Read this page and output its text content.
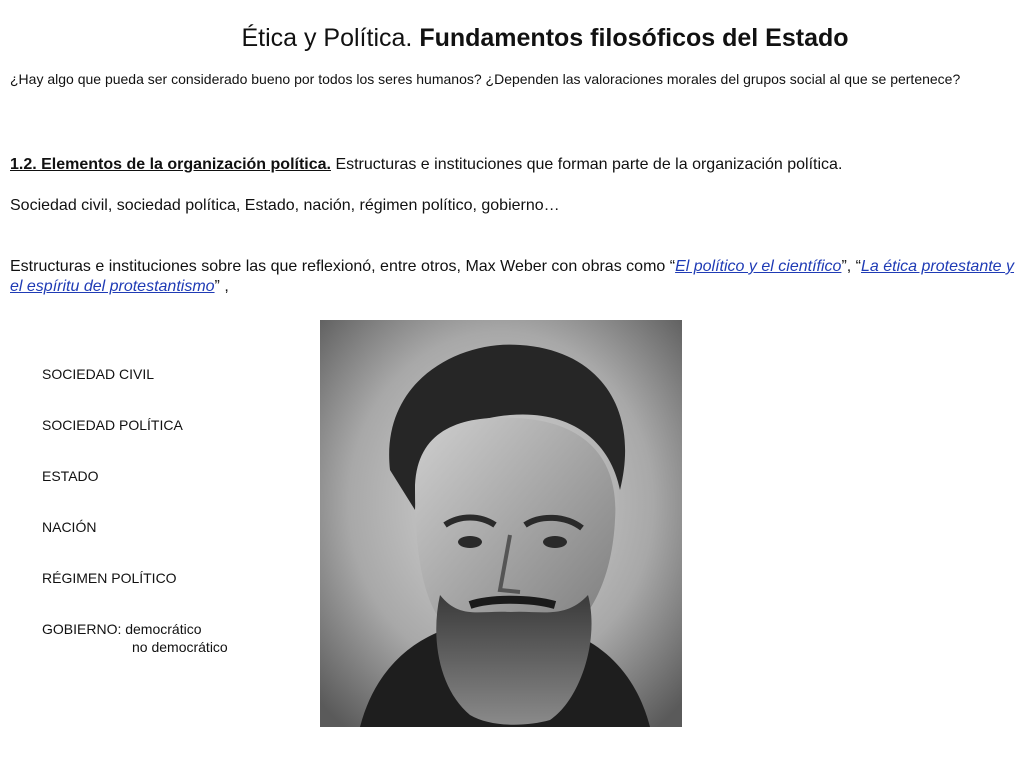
Ética y Política. Fundamentos filosóficos del Estado
¿Hay algo que pueda ser considerado bueno por todos los seres humanos? ¿Dependen las valoraciones morales del grupos social al que se pertenece?
1.2. Elementos de la organización política. Estructuras e instituciones que forman parte de la organización política.
Sociedad civil, sociedad política, Estado, nación, régimen político, gobierno…
Estructuras e instituciones sobre las que reflexionó, entre otros, Max Weber con obras como “El político y el científico”, “La ética protestante y el espíritu del protestantismo” ,
SOCIEDAD CIVIL
SOCIEDAD POLÍTICA
ESTADO
NACIÓN
RÉGIMEN POLÍTICO
GOBIERNO: democrático
no democrático
